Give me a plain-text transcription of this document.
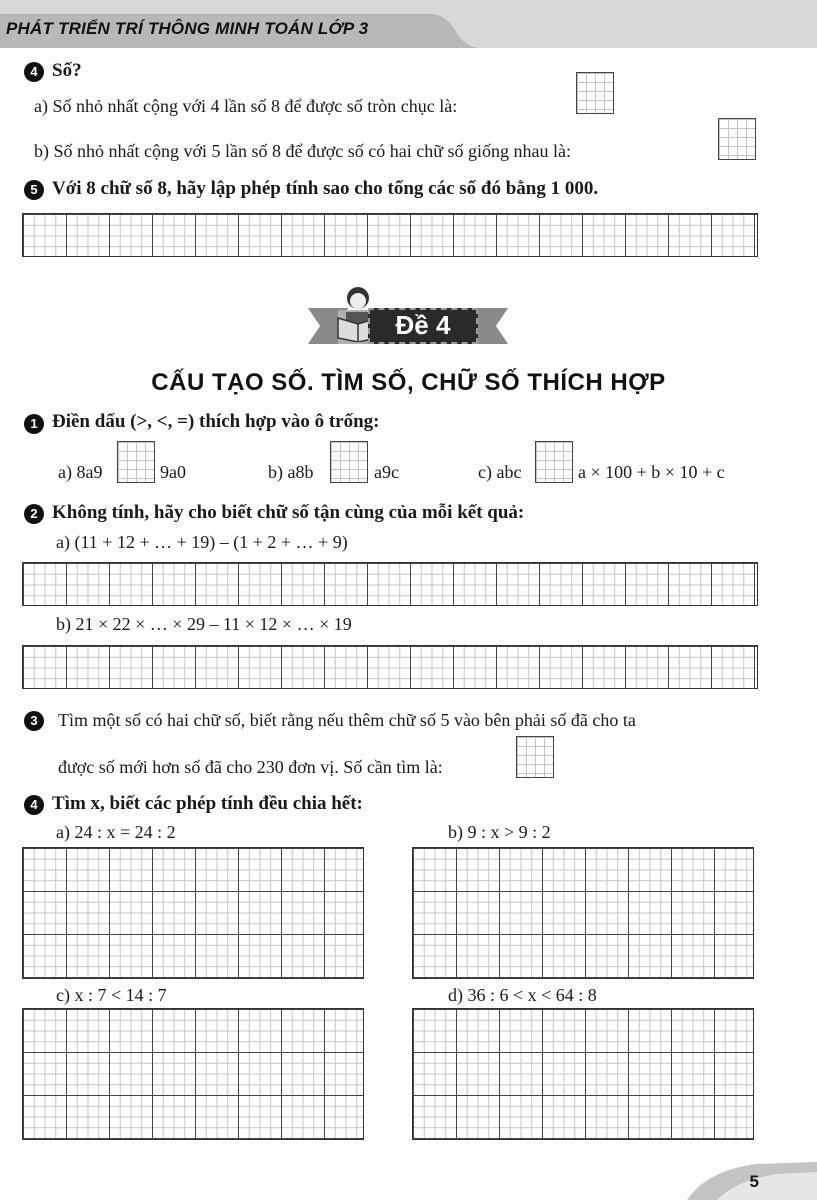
PHÁT TRIỂN TRÍ THÔNG MINH TOÁN LỚP 3
4 Số?
a) Số nhỏ nhất cộng với 4 lần số 8 để được số tròn chục là:
b) Số nhỏ nhất cộng với 5 lần số 8 để được số có hai chữ số giống nhau là:
5 Với 8 chữ số 8, hãy lập phép tính sao cho tổng các số đó bằng 1 000.
Đề 4
CẤU TẠO SỐ. TÌM SỐ, CHỮ SỐ THÍCH HỢP
1 Điền dấu (>, <, =) thích hợp vào ô trống:
a) 8a9	9a0	b) a8b	a9c	c) abc	a × 100 + b × 10 + c
2 Không tính, hãy cho biết chữ số tận cùng của mỗi kết quả:
a) (11 + 12 + … + 19) – (1 + 2 + … + 9)
b) 21 × 22 × … × 29 – 11 × 12 × … × 19
3	Tìm một số có hai chữ số, biết rằng nếu thêm chữ số 5 vào bên phải số đã cho ta
được số mới hơn số đã cho 230 đơn vị. Số cần tìm là:
4 Tìm x, biết các phép tính đều chia hết:
a) 24 : x = 24 : 2	b) 9 : x > 9 : 2
c) x : 7 < 14 : 7	d) 36 : 6 < x < 64 : 8
5
